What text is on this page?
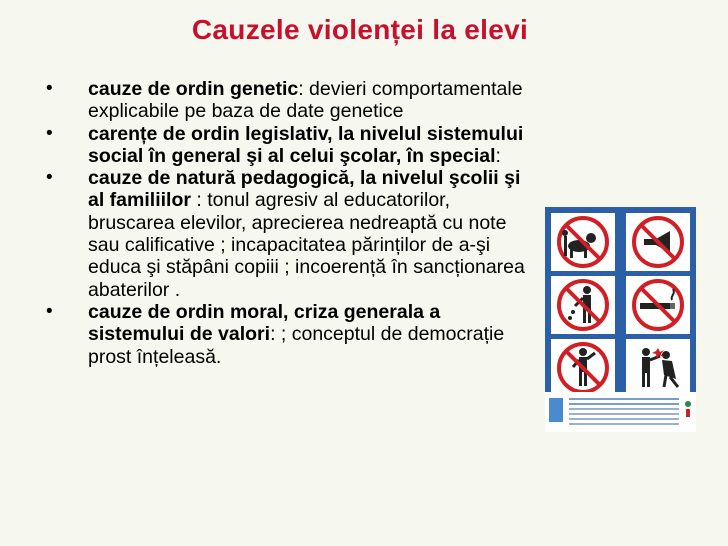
Cauzele violenței la elevi
• cauze de ordin genetic: devieri comportamentale explicabile pe baza de date genetice
• carențe de ordin legislativ, la nivelul sistemului social în general şi al celui şcolar, în special:
• cauze de natură pedagogică, la nivelul şcolii şi al familiilor : tonul agresiv al educatorilor, bruscarea elevilor, aprecierea nedreaptă cu note sau calificative ; incapacitatea părinților de a-şi educa şi stăpâni copiii ; incoerență în sancționarea abaterilor .
• cauze de ordin moral, criza generala a sistemului de valori: ; conceptul de democrație prost înțeleasă.
